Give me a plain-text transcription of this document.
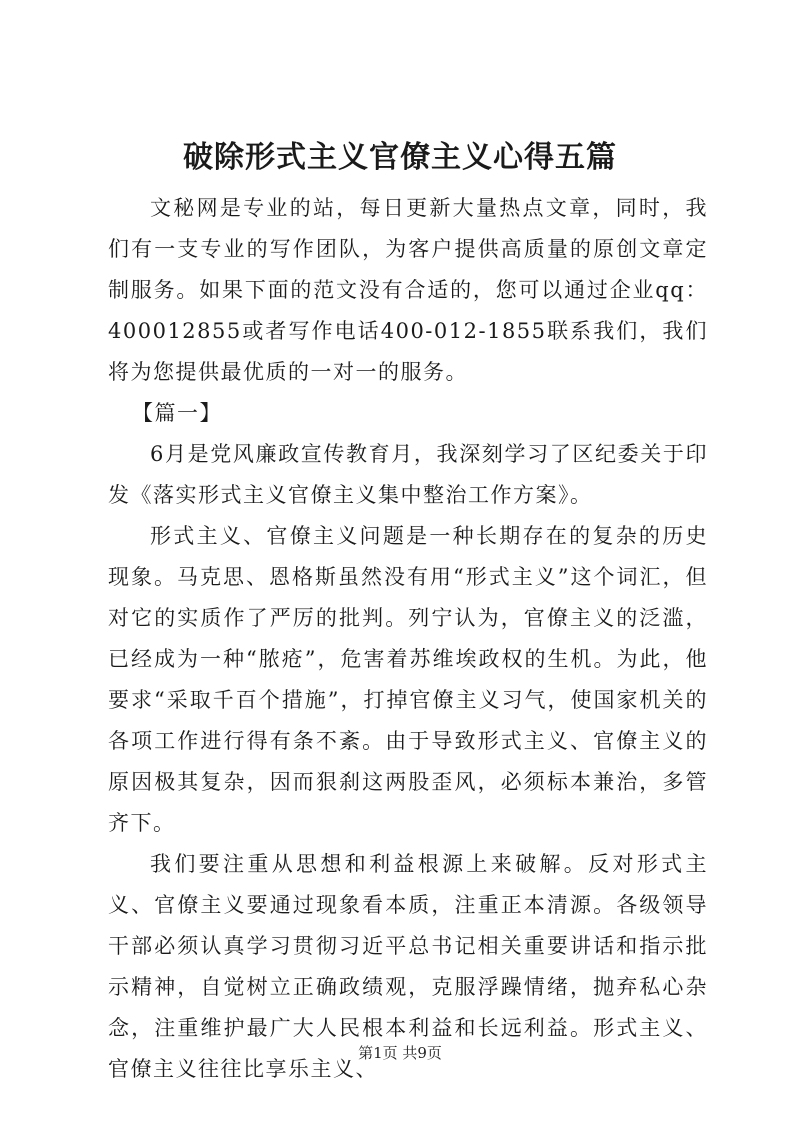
破除形式主义官僚主义心得五篇

文秘网是专业的站，每日更新大量热点文章，同时，我们有一支专业的写作团队，为客户提供高质量的原创文章定制服务。如果下面的范文没有合适的，您可以通过企业qq：400012855或者写作电话400-012-1855联系我们，我们将为您提供最优质的一对一的服务。

【篇一】

6月是党风廉政宣传教育月，我深刻学习了区纪委关于印发《落实形式主义官僚主义集中整治工作方案》。

形式主义、官僚主义问题是一种长期存在的复杂的历史现象。马克思、恩格斯虽然没有用“形式主义”这个词汇，但对它的实质作了严厉的批判。列宁认为，官僚主义的泛滥，已经成为一种“脓疮”，危害着苏维埃政权的生机。为此，他要求“采取千百个措施”，打掉官僚主义习气，使国家机关的各项工作进行得有条不紊。由于导致形式主义、官僚主义的原因极其复杂，因而狠刹这两股歪风，必须标本兼治，多管齐下。

我们要注重从思想和利益根源上来破解。反对形式主义、官僚主义要通过现象看本质，注重正本清源。各级领导干部必须认真学习贯彻习近平总书记相关重要讲话和指示批示精神，自觉树立正确政绩观，克服浮躁情绪，抛弃私心杂念，注重维护最广大人民根本利益和长远利益。形式主义、官僚主义往往比享乐主义、

第1页 共9页
